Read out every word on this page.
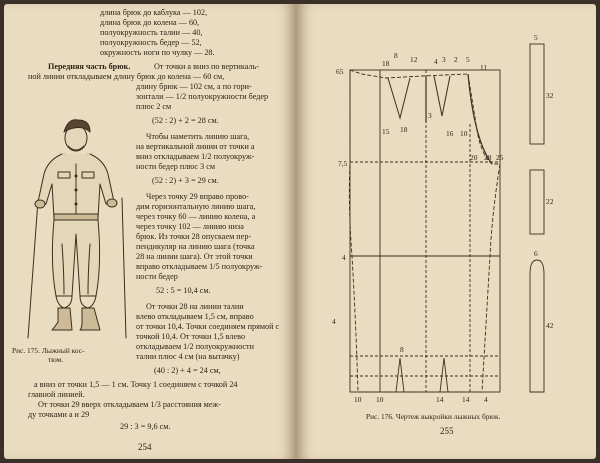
длина брюк до каблука — 102,
длина брюк до колена — 60,
полуокружность талии — 40,
полуокружность бедер — 52,
окружность ноги по чулку — 28.
Передняя часть брюк.	От точки a вниз по вертикаль-
ной линии откладываем длину брюк до колена — 60 см,
длину брюк — 102 см, а по гори-
зонтали — 1/2 полуокружности бедер
плюс 2 см
(52 : 2) + 2 = 28 см.
Чтобы наметить линию шага,
на вертикальной линии от точки a
вниз откладываем 1/2 полуокруж-
ности бедер плюс 3 см
(52 : 2) + 3 = 29 см.
Через точку 29 вправо прово-
дим горизонтальную линию шага,
через точку 60 — линию колена, а
через точку 102 — линию низа
брюк. Из точки 28 опускаем пер-
пендикуляр на линию шага (точка
28 на линии шага). От этой точки
вправо откладываем 1/5 полуокруж-
ности бедер
52 : 5 = 10,4 см.
От точки 28 на линии талии
влево откладываем 1,5 см, вправо
от точки 10,4. Точки соединяем прямой с
точкой 10,4. От точки 1,5 влево
откладываем 1/2 полуокружности
талии плюс 4 см (на вытачку)
(40 : 2) + 4 = 24 см,
а вниз от точки 1,5 — 1 см. Точку 1 соединяем с точкой 24
главной линией.
От точки 29 вверх откладываем 1/3 расстояния меж-
ду точками a и 29
29 : 3 = 9,6 см.
254
Рис. 175. Лыжный кос-
тюм.
65
18
8 12 4 3 2 5
11
15 18
3
16 10
7,5
20 28 25
4
4
10 10
8
14	14 4
5
32
22
6
42
Рис. 176. Чертеж выкройки лыжных брюк.
255
